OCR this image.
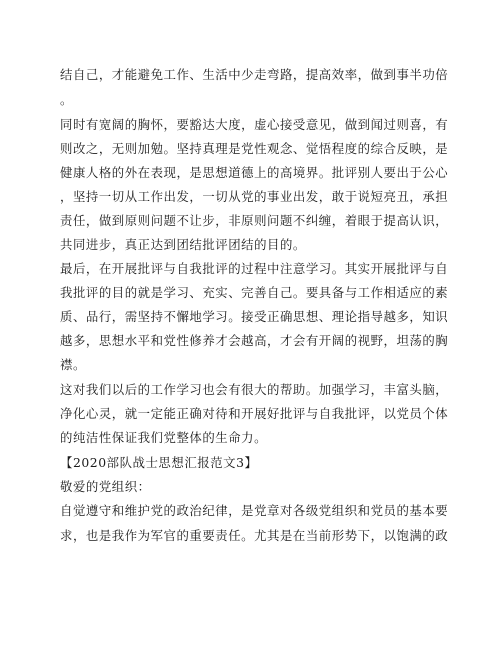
结自己，才能避免工作、生活中少走弯路，提高效率，做到事半功倍
。
同时有宽阔的胸怀，要豁达大度，虚心接受意见，做到闻过则喜，有
则改之，无则加勉。坚持真理是党性观念、觉悟程度的综合反映，是
健康人格的外在表现，是思想道德上的高境界。批评别人要出于公心
，坚持一切从工作出发，一切从党的事业出发，敢于说短亮丑，承担
责任，做到原则问题不让步，非原则问题不纠缠，着眼于提高认识，
共同进步，真正达到团结批评团结的目的。
最后，在开展批评与自我批评的过程中注意学习。其实开展批评与自
我批评的目的就是学习、充实、完善自己。要具备与工作相适应的素
质、品行，需坚持不懈地学习。接受正确思想、理论指导越多，知识
越多，思想水平和党性修养才会越高，才会有开阔的视野，坦荡的胸
襟。
这对我们以后的工作学习也会有很大的帮助。加强学习，丰富头脑，
净化心灵，就一定能正确对待和开展好批评与自我批评，以党员个体
的纯洁性保证我们党整体的生命力。
【2020部队战士思想汇报范文3】
敬爱的党组织：
自觉遵守和维护党的政治纪律，是党章对各级党组织和党员的基本要
求，也是我作为军官的重要责任。尤其是在当前形势下，以饱满的政
